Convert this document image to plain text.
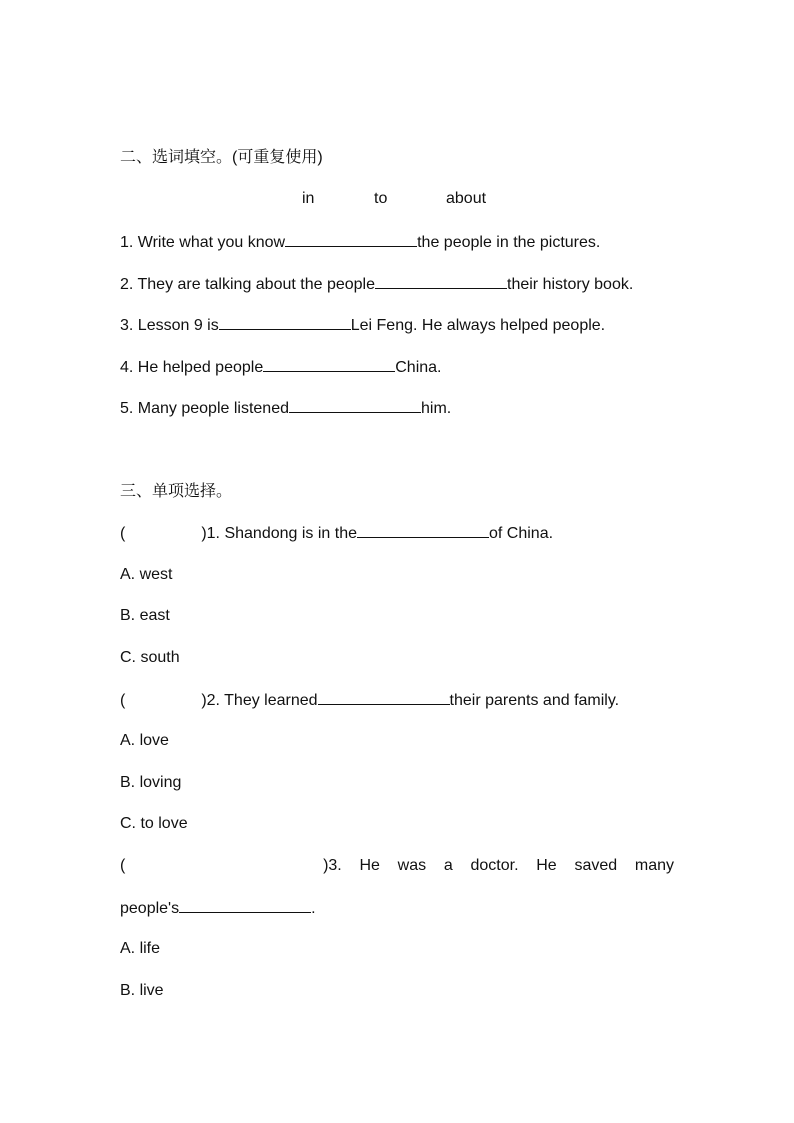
二、选词填空。(可重复使用)
in	to	about
1. Write what you know	the people in the pictures.
2. They are talking about the people	their history book.
3. Lesson 9 is	Lei Feng. He always helped people.
4. He helped people	China.
5. Many people listened	him.
三、单项选择。
(	)1. Shandong is in the	of China.
A. west
B. east
C. south
(	)2. They learned	their parents and family.
A. love
B. loving
C. to love
(	)3. He was a doctor. He saved many
people's	.
A. life
B. live
